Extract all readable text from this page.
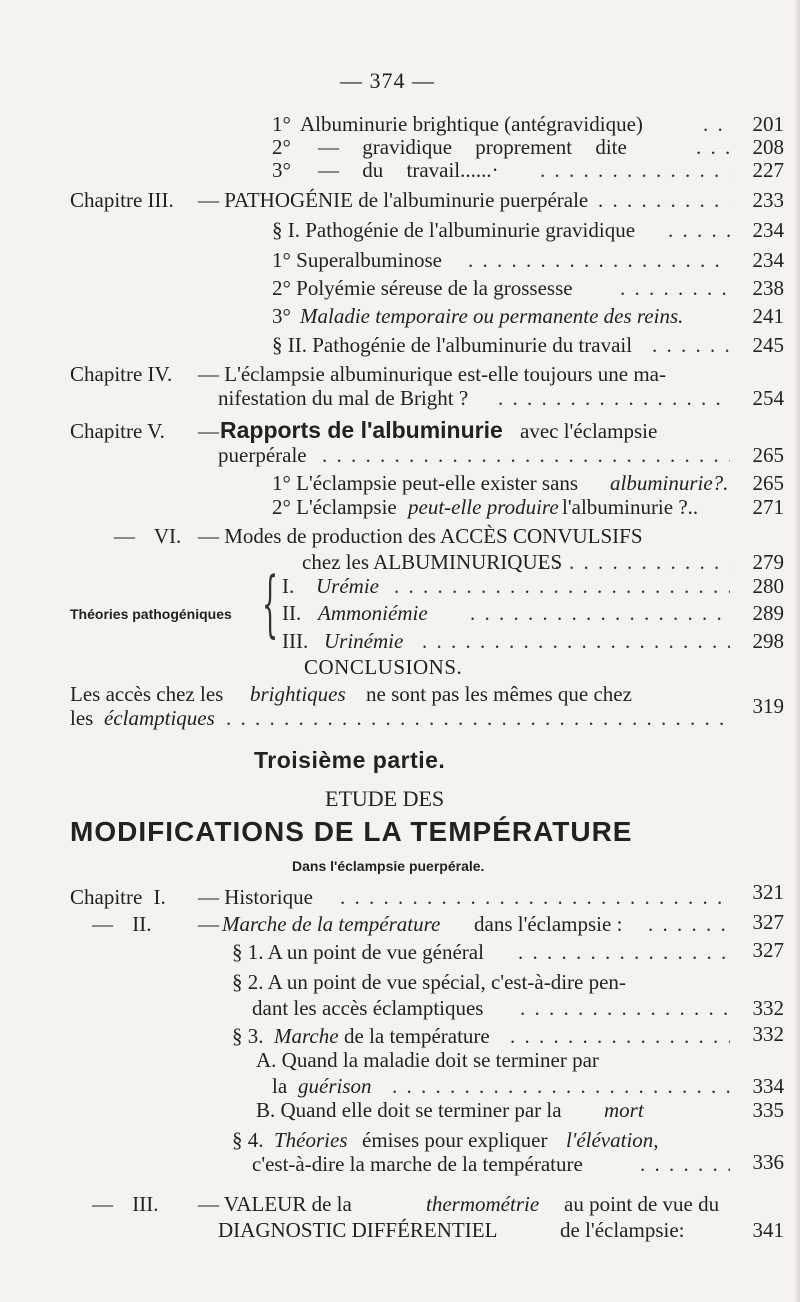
— 374 —
1° Albuminurie brightique (antégravidique) . . .	201
2° — gravidique proprement dite . . .	208
3° — du travail......· . . .	227
Chapitre III. — PATHOGÉNIE de l'albuminurie puerpérale . . .	233
§ I. Pathogénie de l'albuminurie gravidique . . .	234
1° Superalbuminose . . .	234
2° Polyémie séreuse de la grossesse . . .	238
3° Maladie temporaire ou permanente des reins.	241
§ II. Pathogénie de l'albuminurie du travail . . .	245
Chapitre IV. — L'éclampsie albuminurique est-elle toujours une ma-
nifestation du mal de Bright ? . . .	254
Chapitre V. — Rapports de l'albuminurie avec l'éclampsie
puerpérale . . .	265
1° L'éclampsie peut-elle exister sans albuminurie?.	265
2° L'éclampsie peut-elle produire l'albuminurie ?..	271
— VI. — Modes de production des ACCÈS CONVULSIFS
chez les ALBUMINURIQUES . . .	279
Théories pathogéniques { I. Urémie . . .	280
II. Ammoniémie . . .	289
III. Urinémie . . .	298
CONCLUSIONS.
Les accès chez les brightiques ne sont pas les mêmes que chez
les éclamptiques . . .	319
Troisième partie.
ETUDE DES
MODIFICATIONS DE LA TEMPÉRATURE
Dans l'éclampsie puerpérale.
Chapitre I. — Historique . . .	321
— II. — Marche de la température dans l'éclampsie : . . .	327
§ 1. A un point de vue général . . .	327
§ 2. A un point de vue spécial, c'est-à-dire pen-
dant les accès éclamptiques . . .	332
§ 3. Marche de la température . . .	332
A. Quand la maladie doit se terminer par
la guérison . . .	334
B. Quand elle doit se terminer par la mort	335
§ 4. Théories émises pour expliquer l'élévation,
c'est-à-dire la marche de la température . . .	336
— III. — VALEUR de la	thermométrie au point de vue du
DIAGNOSTIC DIFFÉRENTIEL	de l'éclampsie:	341
